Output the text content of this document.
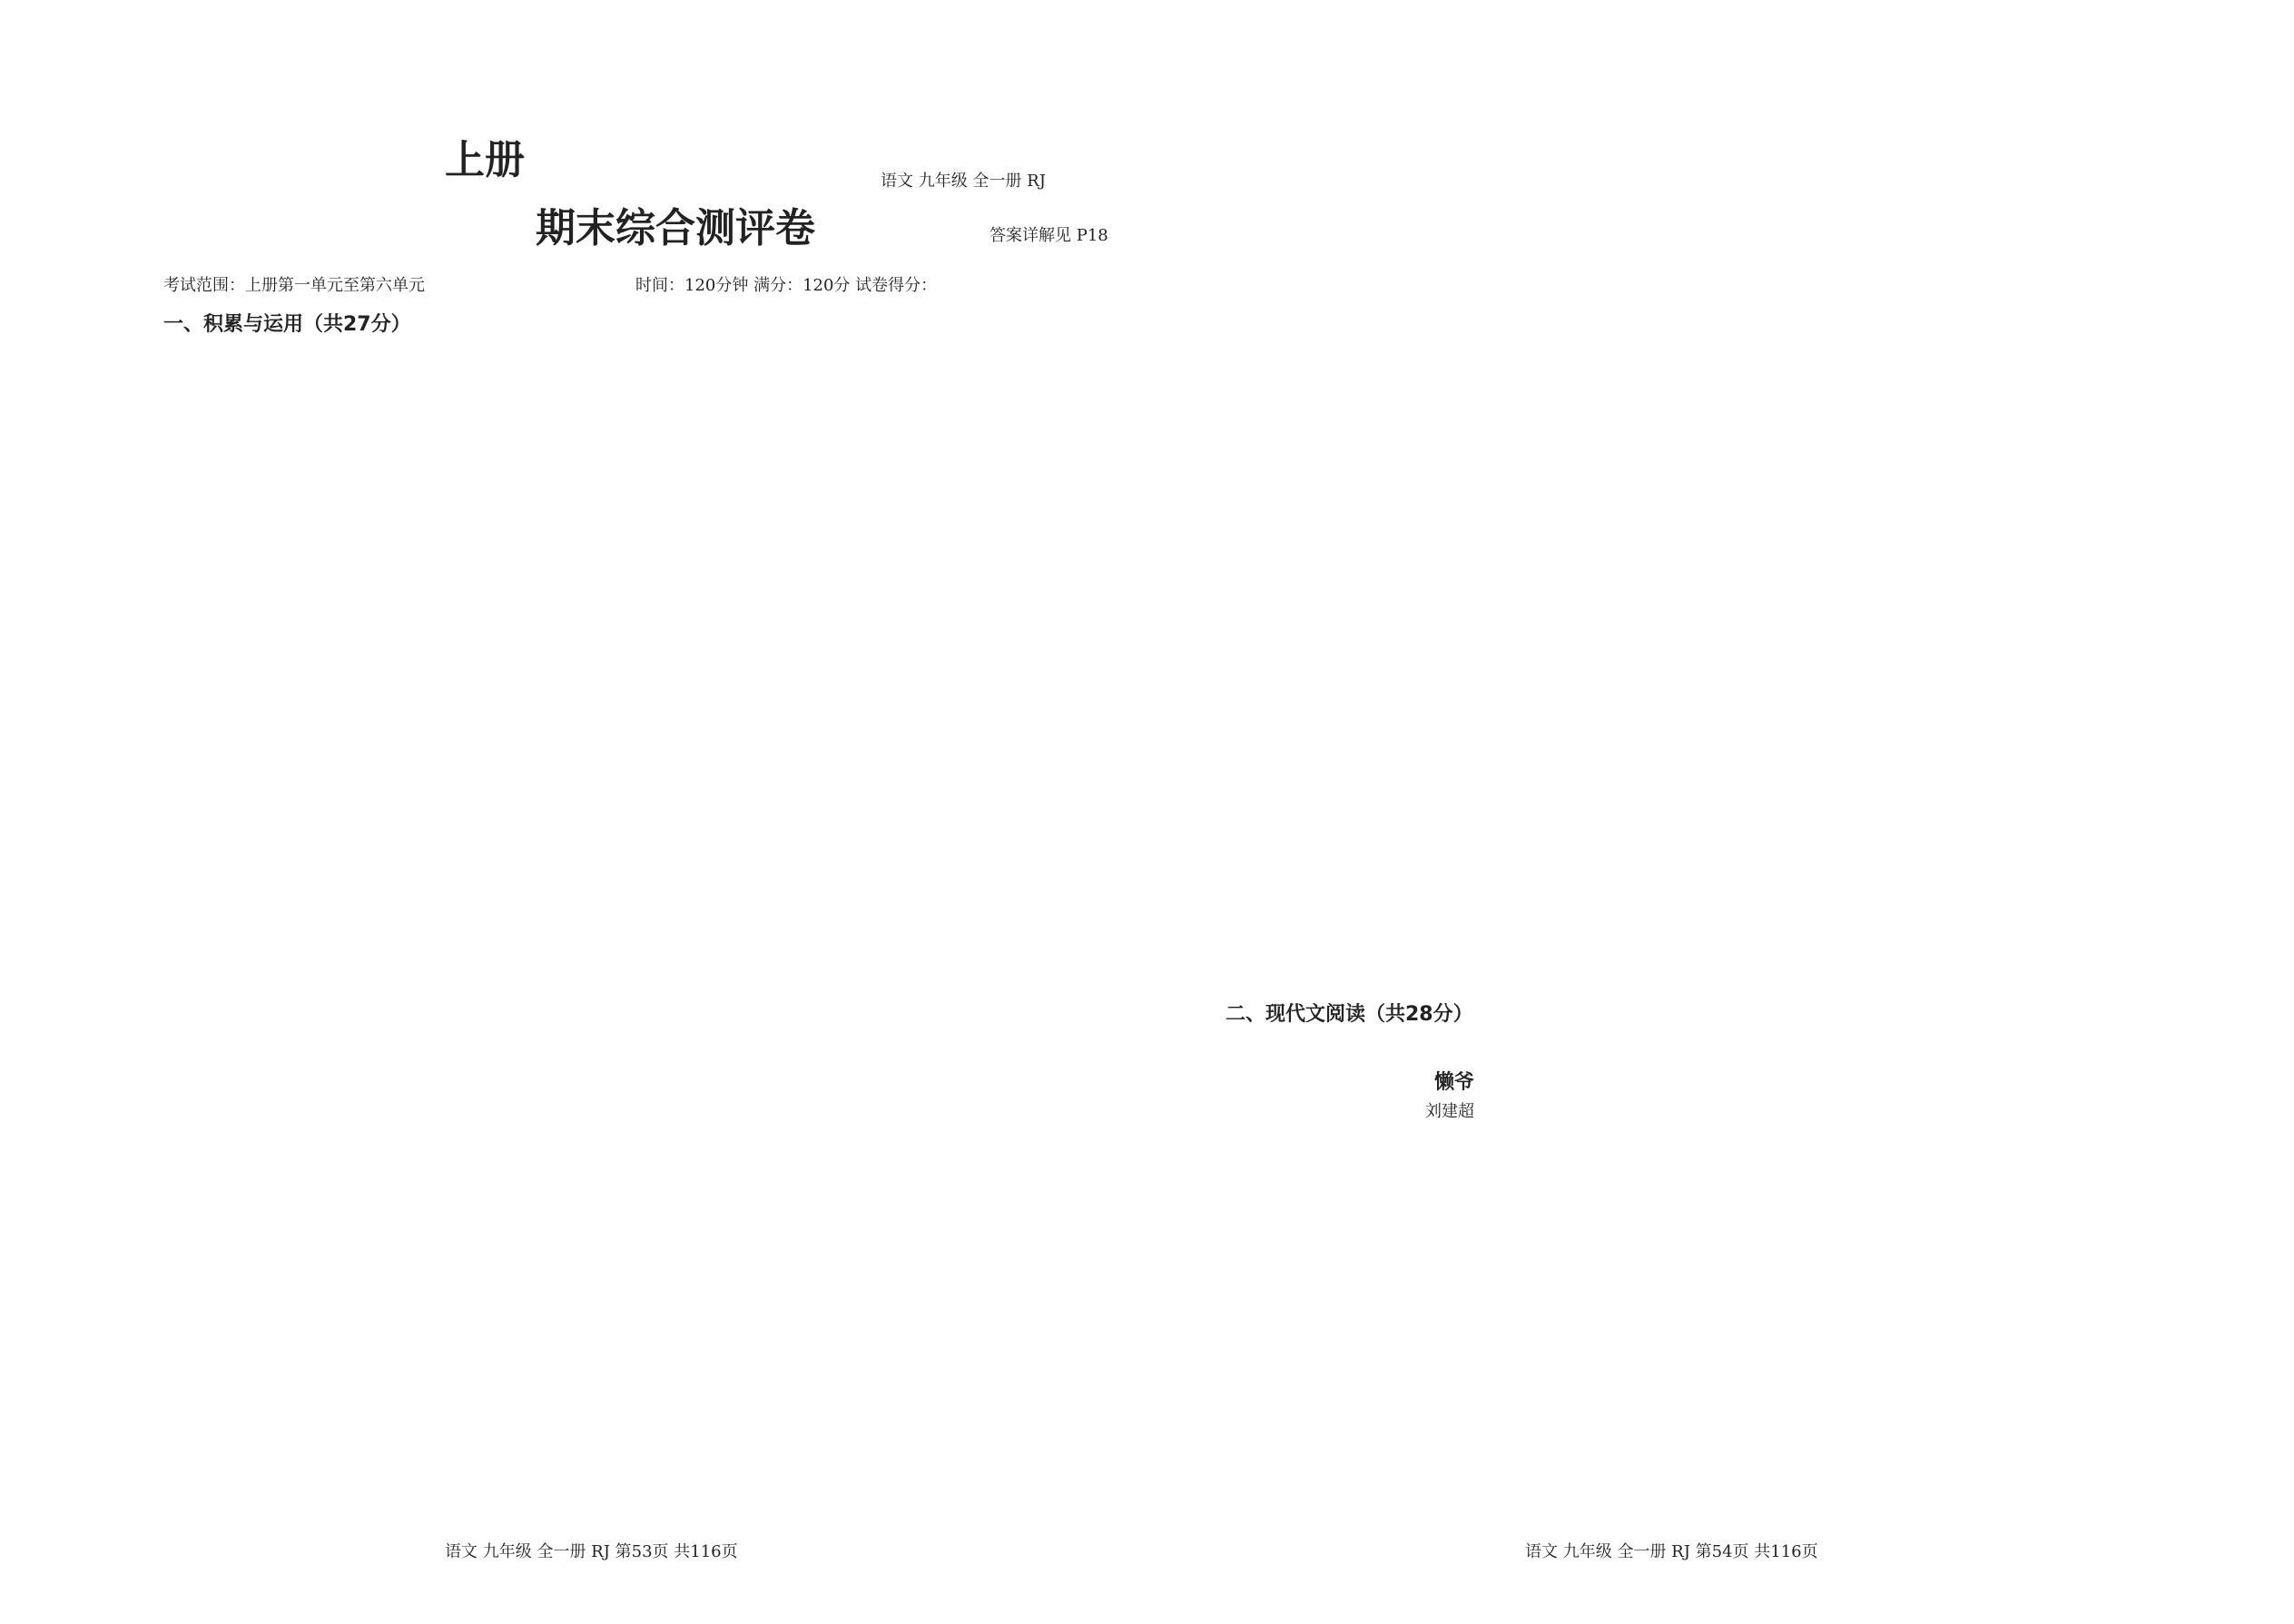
上册
期末综合测评卷
语文 九年级 全一册 RJ
答案详解见 P18
考试范围：上册第一单元至第六单元	时间：120分钟 满分：120分 试卷得分：
一、积累与运用（共27分）
语文 九年级 全一册 RJ 第53页 共116页
二、现代文阅读（共28分）
懒爷
刘建超
语文 九年级 全一册 RJ 第54页 共116页
